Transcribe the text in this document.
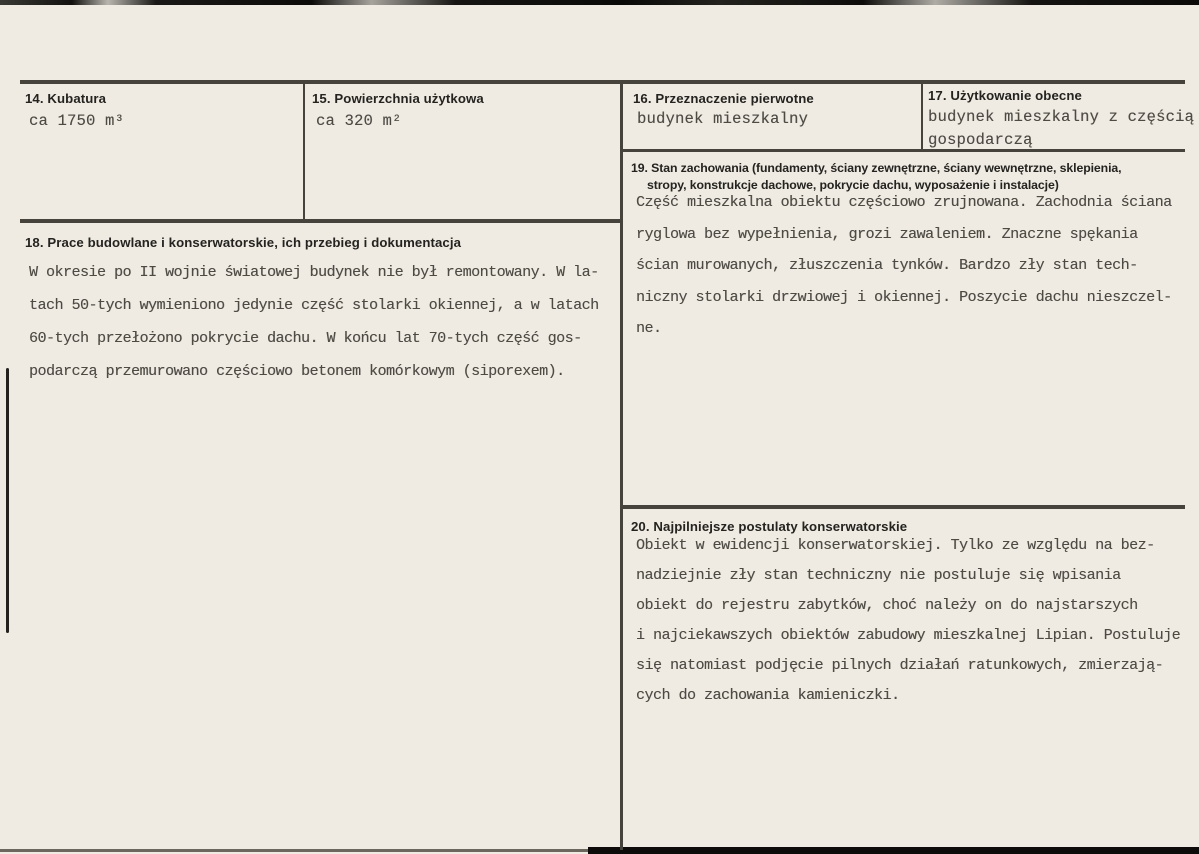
14. Kubatura
ca 1750 m³
15. Powierzchnia użytkowa
ca 320 m²
16. Przeznaczenie pierwotne
budynek mieszkalny
17. Użytkowanie obecne
budynek mieszkalny z częścią
gospodarczą
18. Prace budowlane i konserwatorskie, ich przebieg i dokumentacja
W okresie po II wojnie światowej budynek nie był remontowany. W la-
tach 50-tych wymieniono jedynie część stolarki okiennej, a w latach
60-tych przełożono pokrycie dachu. W końcu lat 70-tych część gos-
podarczą przemurowano częściowo betonem komórkowym (siporexem).
19. Stan zachowania (fundamenty, ściany zewnętrzne, ściany wewnętrzne, sklepienia,
stropy, konstrukcje dachowe, pokrycie dachu, wyposażenie i instalacje)
Część mieszkalna obiektu częściowo zrujnowana. Zachodnia ściana
ryglowa bez wypełnienia, grozi zawaleniem. Znaczne spękania
ścian murowanych, złuszczenia tynków. Bardzo zły stan tech-
niczny stolarki drzwiowej i okiennej. Poszycie dachu nieszczel-
ne.
20. Najpilniejsze postulaty konserwatorskie
Obiekt w ewidencji konserwatorskiej. Tylko ze względu na bez-
nadziejnie zły stan techniczny nie postuluje się wpisania
obiekt do rejestru zabytków, choć należy on do najstarszych
i najciekawszych obiektów zabudowy mieszkalnej Lipian. Postuluje
się natomiast podjęcie pilnych działań ratunkowych, zmierzają-
cych do zachowania kamieniczki.
